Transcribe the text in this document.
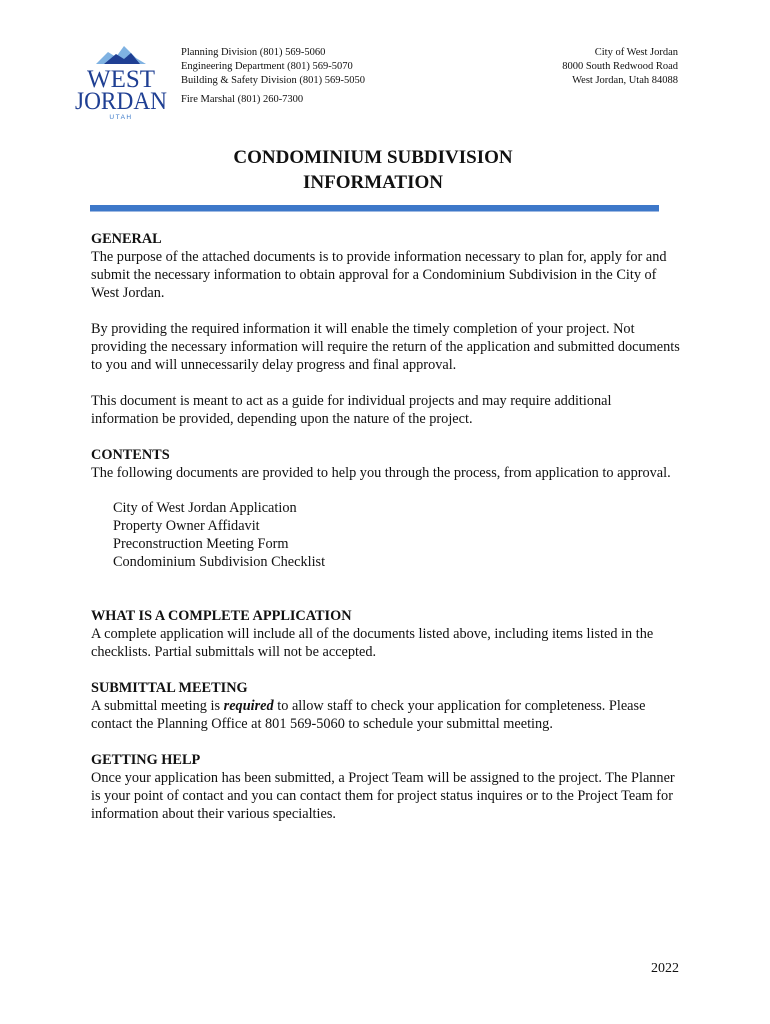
WEST
JORDAN
UTAH
Planning Division (801) 569-5060
Engineering Department (801) 569-5070
Building & Safety Division (801) 569-5050
Fire Marshal (801) 260-7300
City of West Jordan
8000 South Redwood Road
West Jordan, Utah 84088
CONDOMINIUM SUBDIVISION
INFORMATION
GENERAL

The purpose of the attached documents is to provide information necessary to plan for, apply for and submit the necessary information to obtain approval for a Condominium Subdivision in the City of West Jordan.

By providing the required information it will enable the timely completion of your project. Not providing the necessary information will require the return of the application and submitted documents to you and will unnecessarily delay progress and final approval.

This document is meant to act as a guide for individual projects and may require additional information be provided, depending upon the nature of the project.

CONTENTS

The following documents are provided to help you through the process, from application to approval.

City of West Jordan Application
Property Owner Affidavit
Preconstruction Meeting Form
Condominium Subdivision Checklist
WHAT IS A COMPLETE APPLICATION

A complete application will include all of the documents listed above, including items listed in the checklists. Partial submittals will not be accepted.

SUBMITTAL MEETING

A submittal meeting is required to allow staff to check your application for completeness. Please contact the Planning Office at 801 569-5060 to schedule your submittal meeting.

GETTING HELP

Once your application has been submitted, a Project Team will be assigned to the project. The Planner is your point of contact and you can contact them for project status inquires or to the Project Team for information about their various specialties.

2022
